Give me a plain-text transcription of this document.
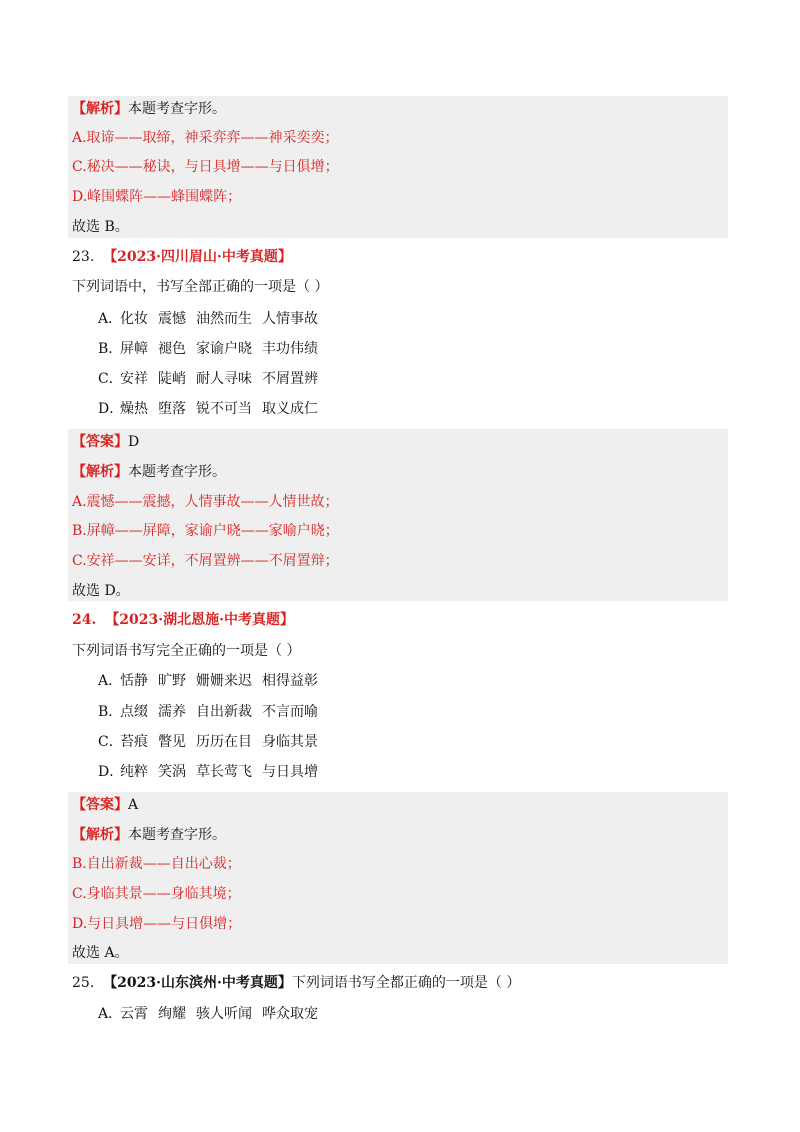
【解析】本题考查字形。
A.取谛——取缔，神采弈弈——神采奕奕；
C.秘决——秘诀，与日具增——与日俱增；
D.峰围蝶阵——蜂围蝶阵；
故选 B。
23. 【2023·四川眉山·中考真题】
下列词语中，书写全部正确的一项是（ ）
A．化妆 震憾 油然而生 人情事故
B．屏幛 褪色 家谕户晓 丰功伟绩
C．安祥 陡峭 耐人寻味 不屑置辨
D．燥热 堕落 锐不可当 取义成仁
【答案】D
【解析】本题考查字形。
A.震憾——震撼，人情事故——人情世故；
B.屏幛——屏障，家谕户晓——家喻户晓；
C.安祥——安详，不屑置辨——不屑置辩；
故选 D。
24. 【2023·湖北恩施·中考真题】
下列词语书写完全正确的一项是（ ）
A．恬静 旷野 姗姗来迟 相得益彰
B．点缀 濡养 自出新裁 不言而喻
C．苔痕 瞥见 历历在目 身临其景
D．纯粹 笑涡 草长莺飞 与日具增
【答案】A
【解析】本题考查字形。
B.自出新裁——自出心裁；
C.身临其景——身临其境；
D.与日具增——与日俱增；
故选 A。
25. 【2023·山东滨州·中考真题】下列词语书写全都正确的一项是（ ）
A．云霄 绚耀 骇人听闻 哗众取宠
